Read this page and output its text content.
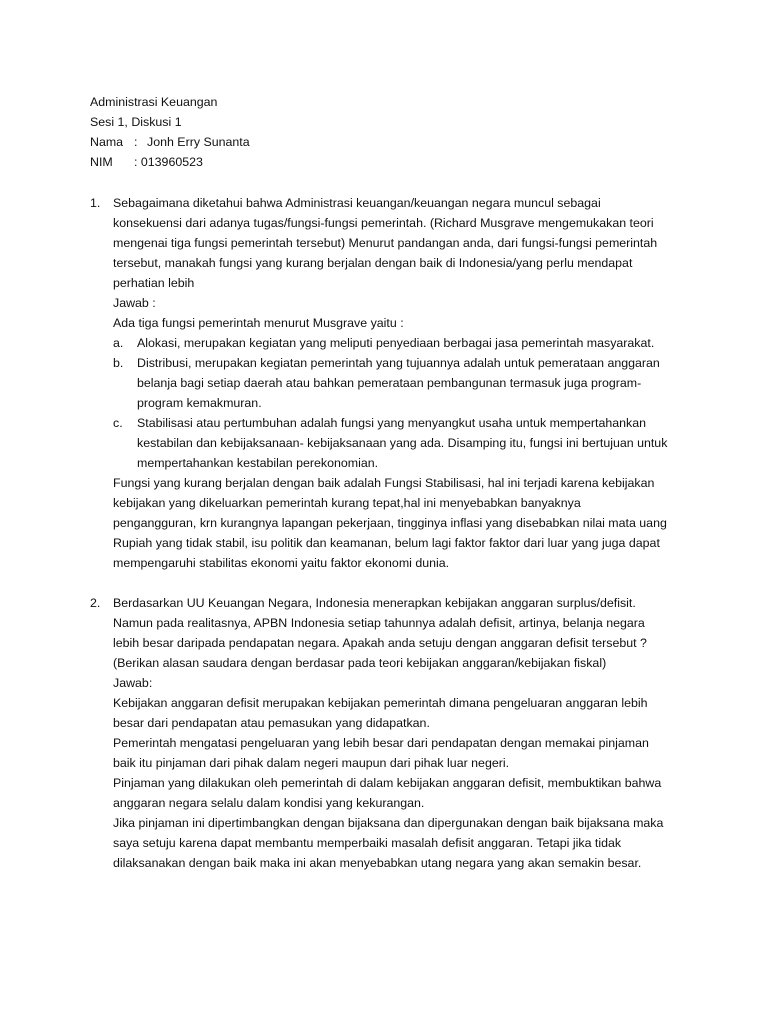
Administrasi Keuangan
Sesi 1, Diskusi 1
Nama : Jonh Erry Sunanta
NIM : 013960523
1. Sebagaimana diketahui bahwa Administrasi keuangan/keuangan negara muncul sebagai
konsekuensi dari adanya tugas/fungsi-fungsi pemerintah. (Richard Musgrave mengemukakan teori
mengenai tiga fungsi pemerintah tersebut) Menurut pandangan anda, dari fungsi-fungsi pemerintah
tersebut, manakah fungsi yang kurang berjalan dengan baik di Indonesia/yang perlu mendapat
perhatian lebih
Jawab :
Ada tiga fungsi pemerintah menurut Musgrave yaitu :
a. Alokasi, merupakan kegiatan yang meliputi penyediaan berbagai jasa pemerintah masyarakat.
b. Distribusi, merupakan kegiatan pemerintah yang tujuannya adalah untuk pemerataan anggaran
belanja bagi setiap daerah atau bahkan pemerataan pembangunan termasuk juga program-
program kemakmuran.
c. Stabilisasi atau pertumbuhan adalah fungsi yang menyangkut usaha untuk mempertahankan
kestabilan dan kebijaksanaan- kebijaksanaan yang ada. Disamping itu, fungsi ini bertujuan untuk
mempertahankan kestabilan perekonomian.
Fungsi yang kurang berjalan dengan baik adalah Fungsi Stabilisasi, hal ini terjadi karena kebijakan
kebijakan yang dikeluarkan pemerintah kurang tepat,hal ini menyebabkan banyaknya
pengangguran, krn kurangnya lapangan pekerjaan, tingginya inflasi yang disebabkan nilai mata uang
Rupiah yang tidak stabil, isu politik dan keamanan, belum lagi faktor faktor dari luar yang juga dapat
mempengaruhi stabilitas ekonomi yaitu faktor ekonomi dunia.
2. Berdasarkan UU Keuangan Negara, Indonesia menerapkan kebijakan anggaran surplus/defisit.
Namun pada realitasnya, APBN Indonesia setiap tahunnya adalah defisit, artinya, belanja negara
lebih besar daripada pendapatan negara. Apakah anda setuju dengan anggaran defisit tersebut ?
(Berikan alasan saudara dengan berdasar pada teori kebijakan anggaran/kebijakan fiskal)
Jawab:
Kebijakan anggaran defisit merupakan kebijakan pemerintah dimana pengeluaran anggaran lebih
besar dari pendapatan atau pemasukan yang didapatkan.
Pemerintah mengatasi pengeluaran yang lebih besar dari pendapatan dengan memakai pinjaman
baik itu pinjaman dari pihak dalam negeri maupun dari pihak luar negeri.
Pinjaman yang dilakukan oleh pemerintah di dalam kebijakan anggaran defisit, membuktikan bahwa
anggaran negara selalu dalam kondisi yang kekurangan.
Jika pinjaman ini dipertimbangkan dengan bijaksana dan dipergunakan dengan baik bijaksana maka
saya setuju karena dapat membantu memperbaiki masalah defisit anggaran. Tetapi jika tidak
dilaksanakan dengan baik maka ini akan menyebabkan utang negara yang akan semakin besar.
